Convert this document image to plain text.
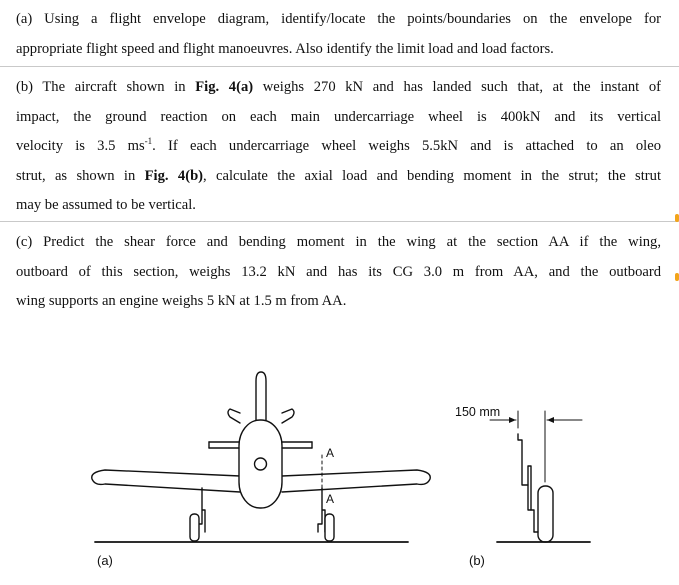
(a) Using a flight envelope diagram, identify/locate the points/boundaries on the envelope for
appropriate flight speed and flight manoeuvres. Also identify the limit load and load factors.
(b) The aircraft shown in Fig. 4(a) weighs 270 kN and has landed such that, at the instant of
impact, the ground reaction on each main undercarriage wheel is 400kN and its vertical
velocity is 3.5 $ms^{-1}$. If each undercarriage wheel weighs 5.5kN and is attached to an oleo
strut, as shown in Fig. 4(b), calculate the axial load and bending moment in the strut; the strut
may be assumed to be vertical.
(c) Predict the shear force and bending moment in the wing at the section AA if the wing,
outboard of this section, weighs 13.2 kN and has its CG 3.0 m from AA, and the outboard
wing supports an engine weighs 5 kN at 1.5 m from AA.
A
A
(a)
150 mm
(b)
